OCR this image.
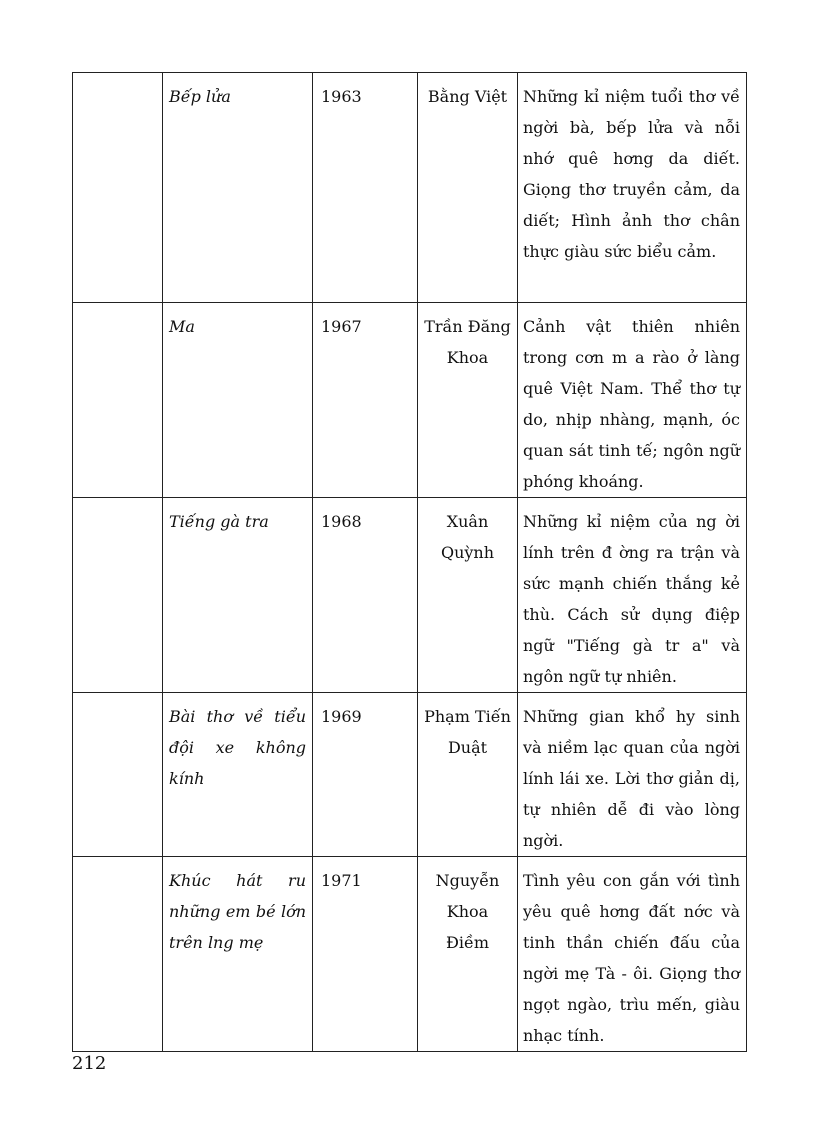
	Bếp lửa	1963	Bằng Việt	Những kỉ niệm tuổi thơ về ngời bà, bếp lửa và nỗi nhớ quê hơng da diết. Giọng thơ truyền cảm, da diết; Hình ảnh thơ chân thực giàu sức biểu cảm.
	Ma	1967	Trần Đăng Khoa	Cảnh vật thiên nhiên trong cơn m a rào ở làng quê Việt Nam. Thể thơ tự do, nhịp nhàng, mạnh, óc quan sát tinh tế; ngôn ngữ phóng khoáng.
	Tiếng gà tra	1968	Xuân Quỳnh	Những kỉ niệm của ng ời lính trên đ ờng ra trận và sức mạnh chiến thắng kẻ thù. Cách sử dụng điệp ngữ "Tiếng gà tr a" và ngôn ngữ tự nhiên.
	Bài thơ về tiểu đội xe không kính	1969	Phạm Tiến Duật	Những gian khổ hy sinh và niềm lạc quan của ngời lính lái xe. Lời thơ giản dị, tự nhiên dễ đi vào lòng ngời.
	Khúc hát ru những em bé lớn trên lng mẹ	1971	Nguyễn Khoa Điềm	Tình yêu con gắn với tình yêu quê hơng đất nớc và tinh thần chiến đấu của ngời mẹ Tà - ôi. Giọng thơ ngọt ngào, trìu mến, giàu nhạc tính.
212
